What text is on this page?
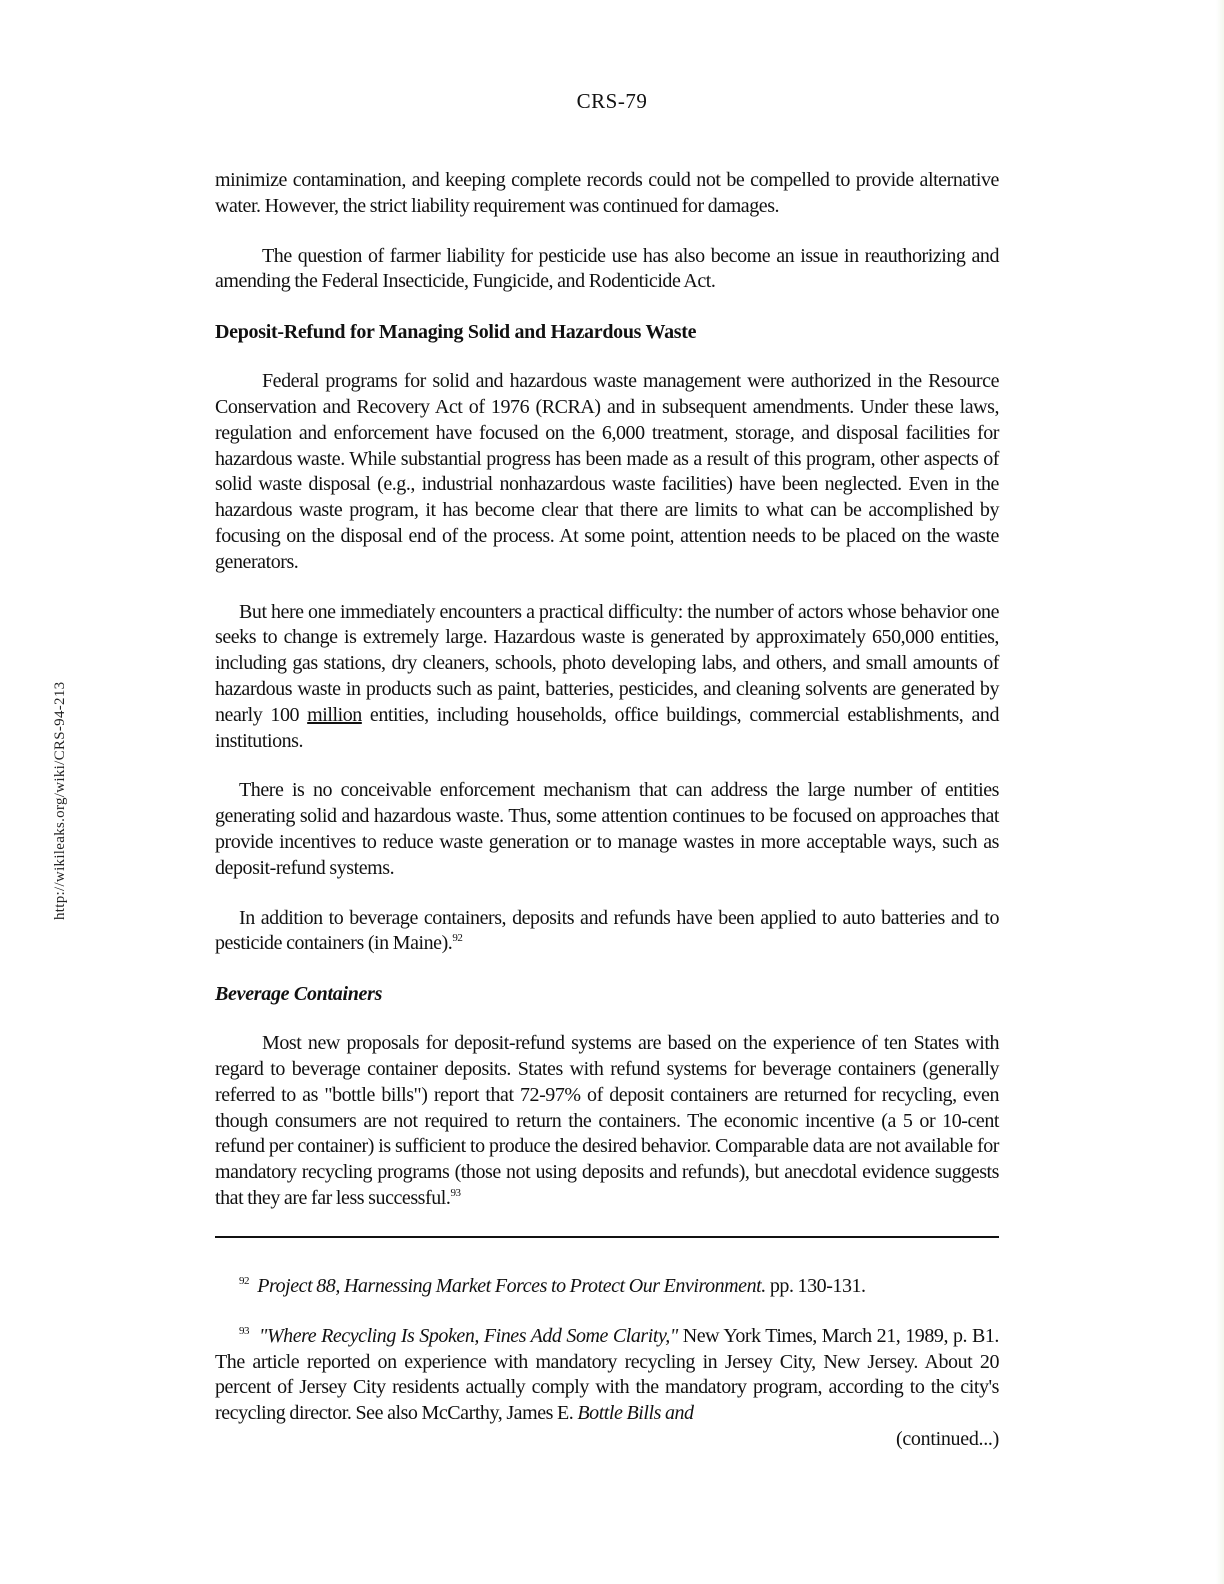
CRS-79
http://wikileaks.org/wiki/CRS-94-213

minimize contamination, and keeping complete records could not be compelled to provide alternative water. However, the strict liability requirement was continued for damages.

The question of farmer liability for pesticide use has also become an issue in reauthorizing and amending the Federal Insecticide, Fungicide, and Rodenticide Act.

Deposit-Refund for Managing Solid and Hazardous Waste

Federal programs for solid and hazardous waste management were authorized in the Resource Conservation and Recovery Act of 1976 (RCRA) and in subsequent amendments. Under these laws, regulation and enforcement have focused on the 6,000 treatment, storage, and disposal facilities for hazardous waste. While substantial progress has been made as a result of this program, other aspects of solid waste disposal (e.g., industrial nonhazardous waste facilities) have been neglected. Even in the hazardous waste program, it has become clear that there are limits to what can be accomplished by focusing on the disposal end of the process. At some point, attention needs to be placed on the waste generators.

But here one immediately encounters a practical difficulty: the number of actors whose behavior one seeks to change is extremely large. Hazardous waste is generated by approximately 650,000 entities, including gas stations, dry cleaners, schools, photo developing labs, and others, and small amounts of hazardous waste in products such as paint, batteries, pesticides, and cleaning solvents are generated by nearly 100 million entities, including households, office buildings, commercial establishments, and institutions.

There is no conceivable enforcement mechanism that can address the large number of entities generating solid and hazardous waste. Thus, some attention continues to be focused on approaches that provide incentives to reduce waste generation or to manage wastes in more acceptable ways, such as deposit-refund systems.

In addition to beverage containers, deposits and refunds have been applied to auto batteries and to pesticide containers (in Maine).$^{92}$

Beverage Containers

Most new proposals for deposit-refund systems are based on the experience of ten States with regard to beverage container deposits. States with refund systems for beverage containers (generally referred to as "bottle bills") report that 72-97% of deposit containers are returned for recycling, even though consumers are not required to return the containers. The economic incentive (a 5 or 10-cent refund per container) is sufficient to produce the desired behavior. Comparable data are not available for mandatory recycling programs (those not using deposits and refunds), but anecdotal evidence suggests that they are far less successful.$^{93}$

$^{92}$ Project 88, Harnessing Market Forces to Protect Our Environment. pp. 130-131.
$^{93}$ "Where Recycling Is Spoken, Fines Add Some Clarity," New York Times, March 21, 1989, p. B1. The article reported on experience with mandatory recycling in Jersey City, New Jersey. About 20 percent of Jersey City residents actually comply with the mandatory program, according to the city's recycling director. See also McCarthy, James E. Bottle Bills and
(continued...)
